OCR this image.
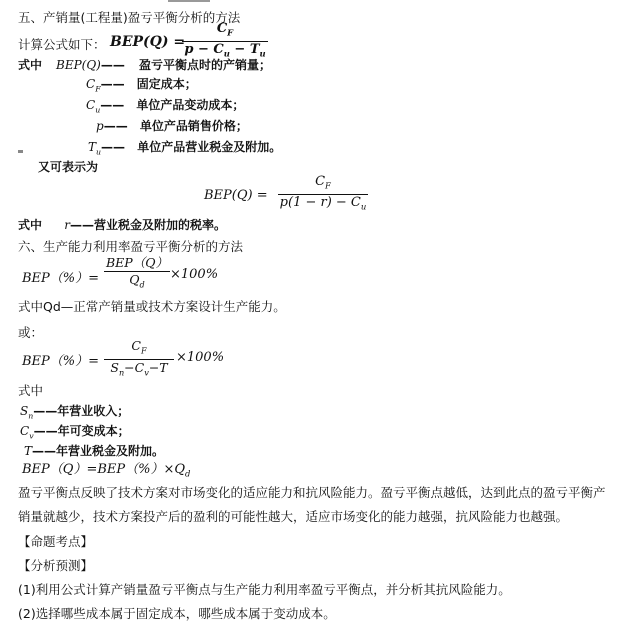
五、产销量(工程量)盈亏平衡分析的方法
计算公式如下： BEP(Q) =
$C_F$
$p - C_u - T_u$
式中 BEP(Q)—— 盈亏平衡点时的产销量；
$C_F——$ 固定成本；
$C_u——$ 单位产品变动成本；
p—— 单位产品销售价格；
$T_u——$ 单位产品营业税金及附加。
又可表示为
BEP(Q) =
$C_F$
$p(1 - r) - C_u$
式中 r——营业税金及附加的税率。
六、生产能力利用率盈亏平衡分析的方法
BEP（%）=
BEP（Q）
$Q_d$
×100%
式中Qd—正常产销量或技术方案设计生产能力。
或：
BEP（%）=
$C_F$
$S_n-C_v-T$
×100%
式中
$S_n——$年营业收入；
$C_v——$年可变成本；
T——年营业税金及附加。
$BEP(Q)=BEP(\%)\times Q_d$
盈亏平衡点反映了技术方案对市场变化的适应能力和抗风险能力。盈亏平衡点越低，达到此点的盈亏平衡产
销量就越少，技术方案投产后的盈利的可能性越大，适应市场变化的能力越强，抗风险能力也越强。
【命题考点】
【分析预测】
(1)利用公式计算产销量盈亏平衡点与生产能力利用率盈亏平衡点，并分析其抗风险能力。
(2)选择哪些成本属于固定成本，哪些成本属于变动成本。
